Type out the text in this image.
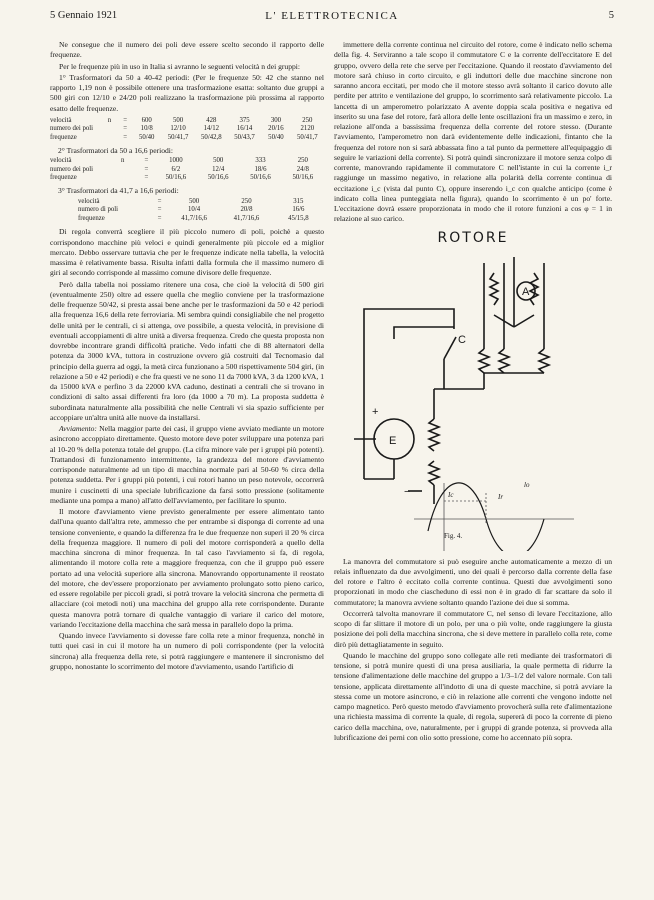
5 Gennaio 1921	L' ELETTROTECNICA	5

Ne consegue che il numero dei poli deve essere scelto secondo il rapporto delle frequenze.

Per le frequenze più in uso in Italia si avranno le seguenti velocità n dei gruppi:

1° Trasformatori da 50 a 40-42 periodi: (Per le frequenze 50: 42 che stanno nel rapporto 1,19 non è possibile ottenere una trasformazione esatta: soltanto due gruppi a 500 giri con 12/10 e 24/20 poli realizzano la trasformazione più prossima al rapporto esatto delle frequenze.

velocità	n	=	600	500	428	375	300	250
numero dei poli		=	10/8	12/10	14/12	16/14	20/16	2120
frequenze		=	50/40	50/41,7	50/42,8	50/43,7	50/40	50/41,7

2° Trasformatori da 50 a 16,6 periodi:

velocità	n	=	1000	500	333	250
numero dei poli		=	6/2	12/4	18/6	24/8
frequenze		=	50/16,6	50/16,6	50/16,6	50/16,6

3° Trasformatori da 41,7 a 16,6 periodi:

velocità	=	500	250	315
numero di poli	=	10/4	20/8	16/6
frequenze	=	41,7/16,6	41,7/16,6	45/15,8

Di regola converrà scegliere il più piccolo numero di poli, poichè a questo corrispondono macchine più veloci e quindi generalmente più piccole ed a miglior mercato. Debbo osservare tuttavia che per le frequenze indicate nella tabella, la velocità massima è relativamente bassa. Risulta infatti dalla formula che il massimo numero di giri al secondo corrisponde al massimo comune divisore delle frequenze.

Però dalla tabella noi possiamo ritenere una cosa, che cioè la velocità di 500 giri (eventualmente 250) oltre ad essere quella che meglio conviene per la trasformazione delle frequenze 50/42, si presta assai bene anche per le trasformazioni da 50 e 42 periodi alla frequenza 16,6 della rete ferroviaria. Mi sembra quindi consigliabile che nel progetto delle unità per le centrali, ci si attenga, ove possibile, a questa velocità, in previsione di eventuali accoppiamenti di altre unità a diversa frequenza. Credo che questa proposta non dovrebbe incontrare grandi difficoltà pratiche. Vedo infatti che di 88 alternatori della potenza da 3000 kVA, tuttora in costruzione ovvero già costruiti dal Tecnomasio dal principio della guerra ad oggi, la metà circa funzionano a 500 rispettivamente 504 giri, (in relazione a 50 e 42 periodi) e che fra questi ve ne sono 11 da 7000 kVA, 3 da 1200 kVA, 1 da 15000 kVA e perfino 3 da 22000 kVA caduno, destinati a centrali che si trovano in condizioni di salto assai differenti fra loro (da 1000 a 70 m). La proposta suddetta è subordinata naturalmente alla possibilità che nelle Centrali vi sia spazio sufficiente per accoppiare un'altra unità alle nuove da installarsi.

Avviamento: Nella maggior parte dei casi, il gruppo viene avviato mediante un motore asincrono accoppiato direttamente. Questo motore deve poter sviluppare una potenza pari al 10-20 % della potenza totale del gruppo. (La cifra minore vale per i gruppi più potenti). Trattandosi di funzionamento intermittente, la grandezza del motore d'avviamento corrisponde naturalmente ad un tipo di macchina normale pari al 50-60 % circa della potenza suddetta. Per i gruppi più potenti, i cui rotori hanno un peso notevole, occorrerà munire i cuscinetti di una speciale lubrificazione da farsi sotto pressione (solitamente mediante una pompa a mano) all'atto dell'avviamento, per facilitare lo spunto.

Il motore d'avviamento viene previsto generalmente per essere alimentato tanto dall'una quanto dall'altra rete, ammesso che per entrambe si disponga di corrente ad una tensione conveniente, e quando la differenza fra le due frequenze non superi il 20 % circa della frequenza maggiore. Il numero di poli del motore corrisponderà a quello della macchina sincrona di minor frequenza. In tal caso l'avviamento si fa, di regola, alimentando il motore colla rete a maggiore frequenza, con che il gruppo può essere portato ad una velocità superiore alla sincrona. Manovrando opportunamente il reostato del motore, che dev'essere proporzionato per avviamento prolungato sotto pieno carico, ed essere regolabile per piccoli gradi, si potrà trovare la velocità sincrona che permetta di allacciare (coi metodi noti) una macchina del gruppo alla rete corrispondente. Durante questa manovra potrà tornare di qualche vantaggio di variare il carico del motore, variando l'eccitazione della macchina che sarà messa in parallelo dopo la prima.

Quando invece l'avviamento si dovesse fare colla rete a minor frequenza, nonchè in tutti quei casi in cui il motore ha un numero di poli corrispondente (per la velocità sincrona) alla frequenza della rete, si potrà raggiungere e mantenere il sincronismo del gruppo, nonostante lo scorrimento del motore d'avviamento, usando l'artificio di

immettere della corrente continua nel circuito del rotore, come è indicato nello schema della fig. 4. Serviranno a tale scopo il commutatore C e la corrente dell'eccitatore E del gruppo, ovvero della rete che serve per l'eccitazione. Quando il reostato d'avviamento del motore sarà chiuso in corto circuito, e gli induttori delle due macchine sincrone non saranno ancora eccitati, per modo che il motore stesso avrà soltanto il carico dovuto alle perdite per attrito e ventilazione del gruppo, lo scorrimento sarà relativamente piccolo. La lancetta di un amperometro polarizzato A avente doppia scala positiva e negativa ed inserito su una fase del rotore, farà allora delle lente oscillazioni fra un massimo e zero, in relazione all'onda a bassissima frequenza della corrente del rotore stesso. (Durante l'avviamento, l'amperometro non darà evidentemente delle indicazioni, fintanto che la frequenza del rotore non si sarà abbassata fino a tal punto da permettere all'equipaggio di seguire le variazioni della corrente). Si potrà quindi sincronizzare il motore senza colpo di corrente, manovrando rapidamente il commutatore C nell'istante in cui la corrente i_r raggiunge un massimo negativo, in relazione alla polarità della corrente continua di eccitazione i_c (vista dal punto C), oppure inserendo i_c con qualche anticipo (come è indicato colla linea punteggiata nella figura), quando lo scorrimento è un po' forte. L'eccitazione dovrà essere proporzionata in modo che il rotore funzioni a cos φ = 1 in relazione al suo carico.

ROTORE
A
C
E
+
−	Ic
lo
Ir
Fig. 4.

La manovra del commutatore si può eseguire anche automaticamente a mezzo di un relais influenzato da due avvolgimenti, uno dei quali è percorso dalla corrente della fase del rotore e l'altro è eccitato colla corrente continua. Questi due avvolgimenti sono proporzionati in modo che ciascheduno di essi non è in grado di far scattare da solo il commutatore; la manovra avviene soltanto quando l'azione dei due si somma.

Occorrerà talvolta manovrare il commutatore C, nel senso di levare l'eccitazione, allo scopo di far slittare il motore di un polo, per una o più volte, onde raggiungere la giusta posizione dei poli della macchina sincrona, che si deve mettere in parallelo colla rete, come dirò più dettagliatamente in seguito.

Quando le macchine del gruppo sono collegate alle reti mediante dei trasformatori di tensione, si potrà munire questi di una presa ausiliaria, la quale permetta di ridurre la tensione d'alimentazione delle macchine del gruppo a 1/3–1/2 del valore normale. Con tali tensione, applicata direttamente all'indotto di una di queste macchine, si potrà avviare la stessa come un motore asincrono, e ciò in relazione alle correnti che vengono indotte nel campo magnetico. Però questo metodo d'avviamento provocherà sulla rete d'alimentazione una richiesta massima di corrente la quale, di regola, supererà di poco la corrente di pieno carico della macchina, ove, naturalmente, per i gruppi di grande potenza, si provveda alla lubrificazione dei perni con olio sotto pressione, come ho accennato più sopra.
